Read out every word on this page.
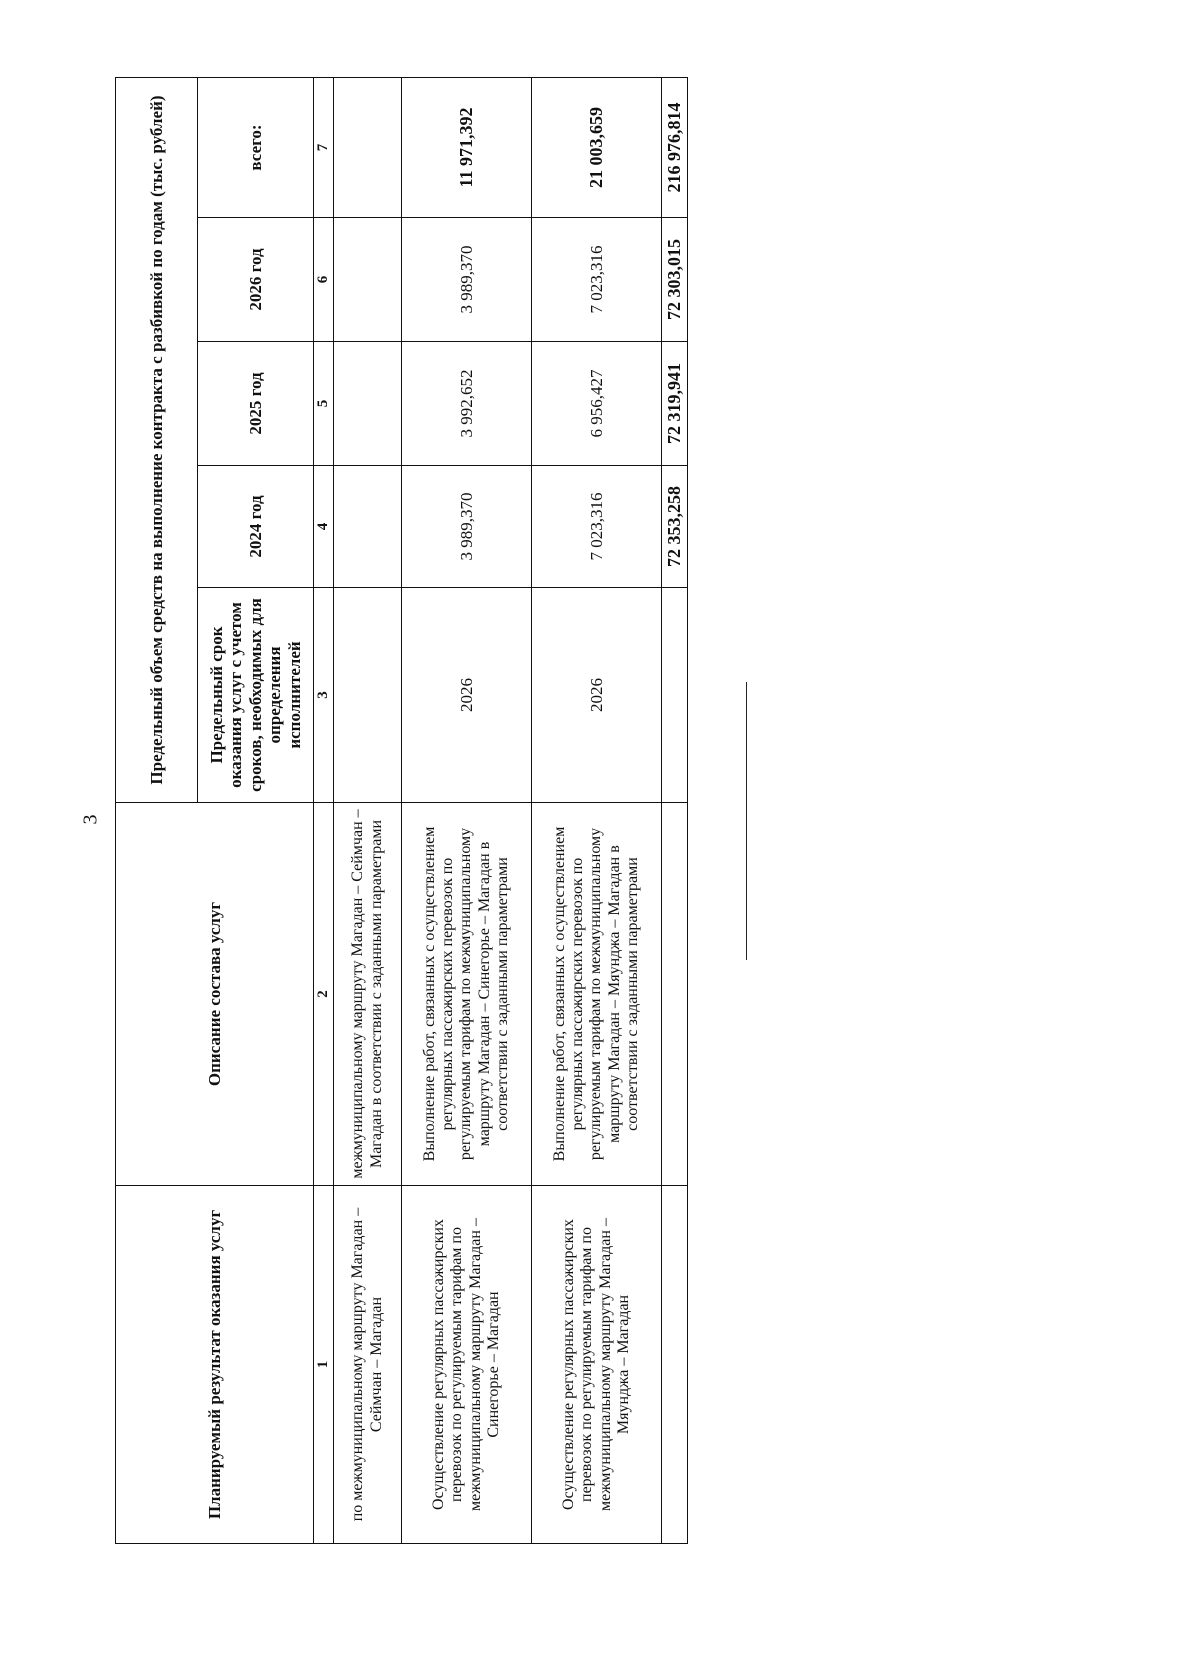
3
Планируемый результат оказания услуг	Описание состава услуг	Предельный объем средств на выполнение контракта с разбивкой по годам (тыс. рублей)				
		Предельный срок оказания услуг с учетом сроков, необходимых для определения исполнителей	2024 год	2025 год	2026 год	всего:
1	2	3	4	5	6	7
по межмуниципальному маршруту Магадан – Сеймчан – Магадан	межмуниципальному маршруту Магадан – Сеймчан – Магадан в соответствии с заданными параметрами					
Осуществление регулярных пассажирских перевозок по регулируемым тарифам по межмуниципальному маршруту Магадан – Синегорье – Магадан	Выполнение работ, связанных с осуществлением регулярных пассажирских перевозок по регулируемым тарифам по межмуниципальному маршруту Магадан – Синегорье – Магадан в соответствии с заданными параметрами	2026	3 989,370	3 992,652	3 989,370	11 971,392
Осуществление регулярных пассажирских перевозок по регулируемым тарифам по межмуниципальному маршруту Магадан – Мяунджа – Магадан	Выполнение работ, связанных с осуществлением регулярных пассажирских перевозок по регулируемым тарифам по межмуниципальному маршруту Магадан – Мяунджа – Магадан в соответствии с заданными параметрами	2026	7 023,316	6 956,427	7 023,316	21 003,659
			72 353,258	72 319,941	72 303,015	216 976,814
